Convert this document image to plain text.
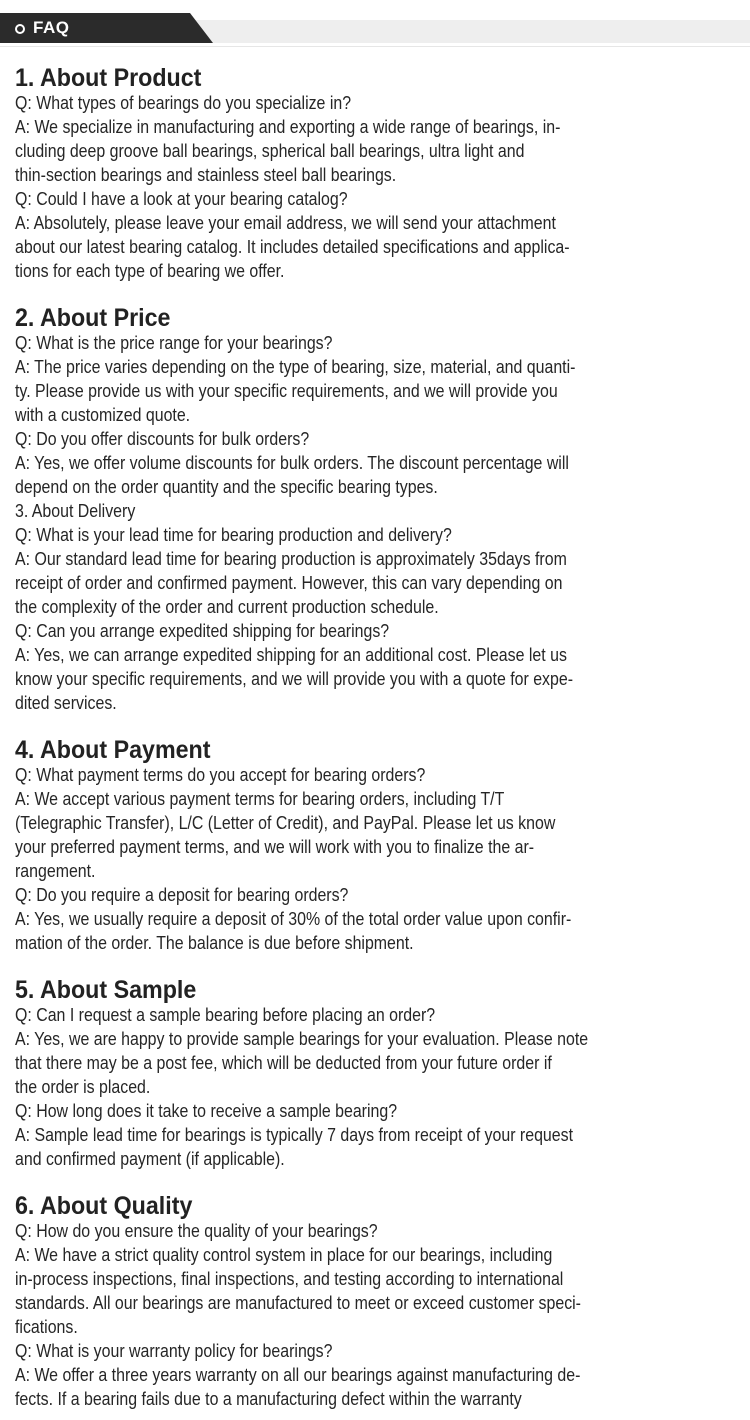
FAQ
1. About Product
Q: What types of bearings do you specialize in?
A: We specialize in manufacturing and exporting a wide range of bearings, in-
cluding deep groove ball bearings, spherical ball bearings, ultra light and
thin-section bearings and stainless steel ball bearings.
Q: Could I have a look at your bearing catalog?
A: Absolutely, please leave your email address, we will send your attachment
about our latest bearing catalog. It includes detailed specifications and applica-
tions for each type of bearing we offer.
2. About Price
Q: What is the price range for your bearings?
A: The price varies depending on the type of bearing, size, material, and quanti-
ty. Please provide us with your specific requirements, and we will provide you
with a customized quote.
Q: Do you offer discounts for bulk orders?
A: Yes, we offer volume discounts for bulk orders. The discount percentage will
depend on the order quantity and the specific bearing types.
3. About Delivery
Q: What is your lead time for bearing production and delivery?
A: Our standard lead time for bearing production is approximately 35days from
receipt of order and confirmed payment. However, this can vary depending on
the complexity of the order and current production schedule.
Q: Can you arrange expedited shipping for bearings?
A: Yes, we can arrange expedited shipping for an additional cost. Please let us
know your specific requirements, and we will provide you with a quote for expe-
dited services.
4. About Payment
Q: What payment terms do you accept for bearing orders?
A: We accept various payment terms for bearing orders, including T/T
(Telegraphic Transfer), L/C (Letter of Credit), and PayPal. Please let us know
your preferred payment terms, and we will work with you to finalize the ar-
rangement.
Q: Do you require a deposit for bearing orders?
A: Yes, we usually require a deposit of 30% of the total order value upon confir-
mation of the order. The balance is due before shipment.
5. About Sample
Q: Can I request a sample bearing before placing an order?
A: Yes, we are happy to provide sample bearings for your evaluation. Please note
that there may be a post fee, which will be deducted from your future order if
the order is placed.
Q: How long does it take to receive a sample bearing?
A: Sample lead time for bearings is typically 7 days from receipt of your request
and confirmed payment (if applicable).
6. About Quality
Q: How do you ensure the quality of your bearings?
A: We have a strict quality control system in place for our bearings, including
in-process inspections, final inspections, and testing according to international
standards. All our bearings are manufactured to meet or exceed customer speci-
fications.
Q: What is your warranty policy for bearings?
A: We offer a three years warranty on all our bearings against manufacturing de-
fects. If a bearing fails due to a manufacturing defect within the warranty
